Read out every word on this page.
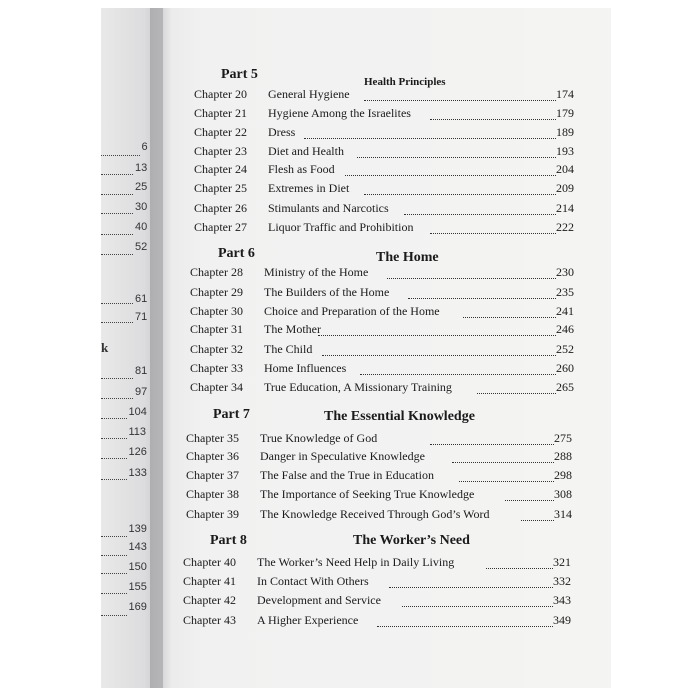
Part 5	Health Principles
Chapter 20 General Hygiene	174
Chapter 21 Hygiene Among the Israelites	179
Chapter 22 Dress	189
Chapter 23 Diet and Health	193
Chapter 24 Flesh as Food	204
Chapter 25 Extremes in Diet	209
Chapter 26 Stimulants and Narcotics	214
Chapter 27 Liquor Traffic and Prohibition	222
Part 6	The Home
Chapter 28 Ministry of the Home	230
Chapter 29 The Builders of the Home	235
Chapter 30 Choice and Preparation of the Home	241
Chapter 31 The Mother	246
Chapter 32 The Child	252
Chapter 33 Home Influences	260
Chapter 34 True Education, A Missionary Training	265
Part 7	The Essential Knowledge
Chapter 35 True Knowledge of God	275
Chapter 36 Danger in Speculative Knowledge	288
Chapter 37 The False and the True in Education	298
Chapter 38 The Importance of Seeking True Knowledge	308
Chapter 39 The Knowledge Received Through God’s Word	314
Part 8	The Worker’s Need
Chapter 40 The Worker’s Need Help in Daily Living	321
Chapter 41 In Contact With Others	332
Chapter 42 Development and Service	343
Chapter 43 A Higher Experience	349
6
13
25
30
40
52
61
71
k
81
97
104
113
126
133
139
143
150
155
169
